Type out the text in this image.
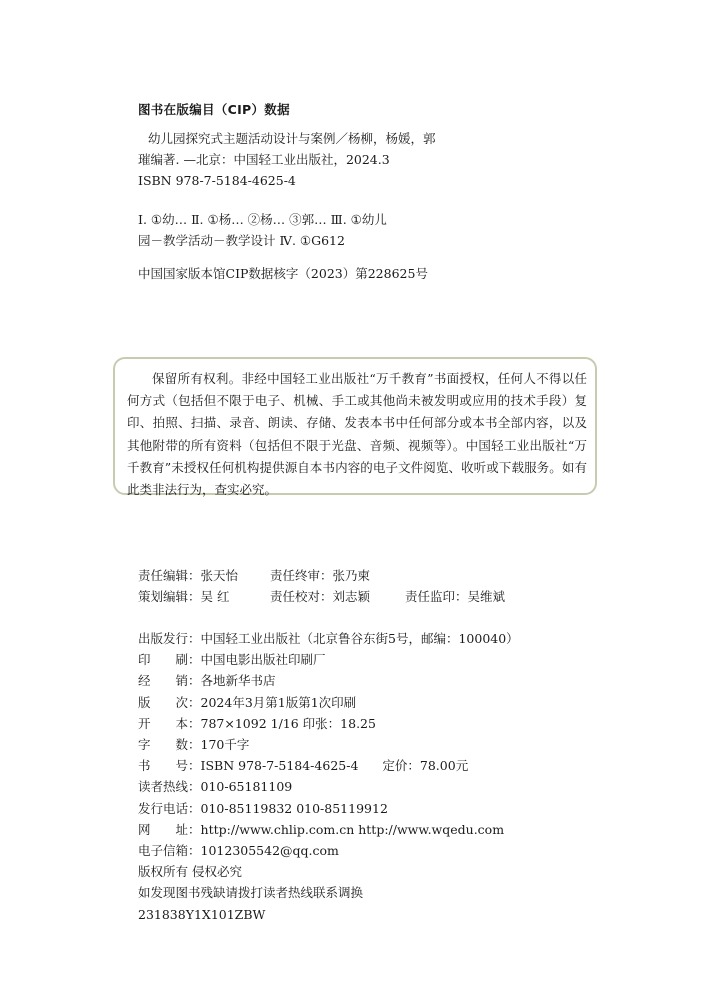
图书在版编目（CIP）数据
幼儿园探究式主题活动设计与案例／杨柳，杨媛，郭
璀编著. —北京：中国轻工业出版社，2024.3
ISBN 978-7-5184-4625-4
Ⅰ. ①幼… Ⅱ. ①杨… ②杨… ③郭… Ⅲ. ①幼儿
园－教学活动－教学设计 Ⅳ. ①G612
中国国家版本馆CIP数据核字（2023）第228625号
保留所有权利。非经中国轻工业出版社“万千教育”书面授权，任何人不得以任何方式（包括但不限于电子、机械、手工或其他尚未被发明或应用的技术手段）复印、拍照、扫描、录音、朗读、存储、发表本书中任何部分或本书全部内容，以及其他附带的所有资料（包括但不限于光盘、音频、视频等）。中国轻工业出版社“万千教育”未授权任何机构提供源自本书内容的电子文件阅览、收听或下载服务。如有此类非法行为，查实必究。
责任编辑：张天怡	责任终审：张乃柬
策划编辑：吴 红	责任校对：刘志颖	责任监印：吴维斌
出版发行：中国轻工业出版社（北京鲁谷东街5号，邮编：100040）
印　　刷：中国电影出版社印刷厂
经　　销：各地新华书店
版　　次：2024年3月第1版第1次印刷
开　　本：787×1092 1/16 印张：18.25
字　　数：170千字
书　　号：ISBN 978-7-5184-4625-4 定价：78.00元
读者热线：010-65181109
发行电话：010-85119832 010-85119912
网　　址：http://www.chlip.com.cn http://www.wqedu.com
电子信箱：1012305542@qq.com
版权所有 侵权必究
如发现图书残缺请拨打读者热线联系调换
231838Y1X101ZBW
